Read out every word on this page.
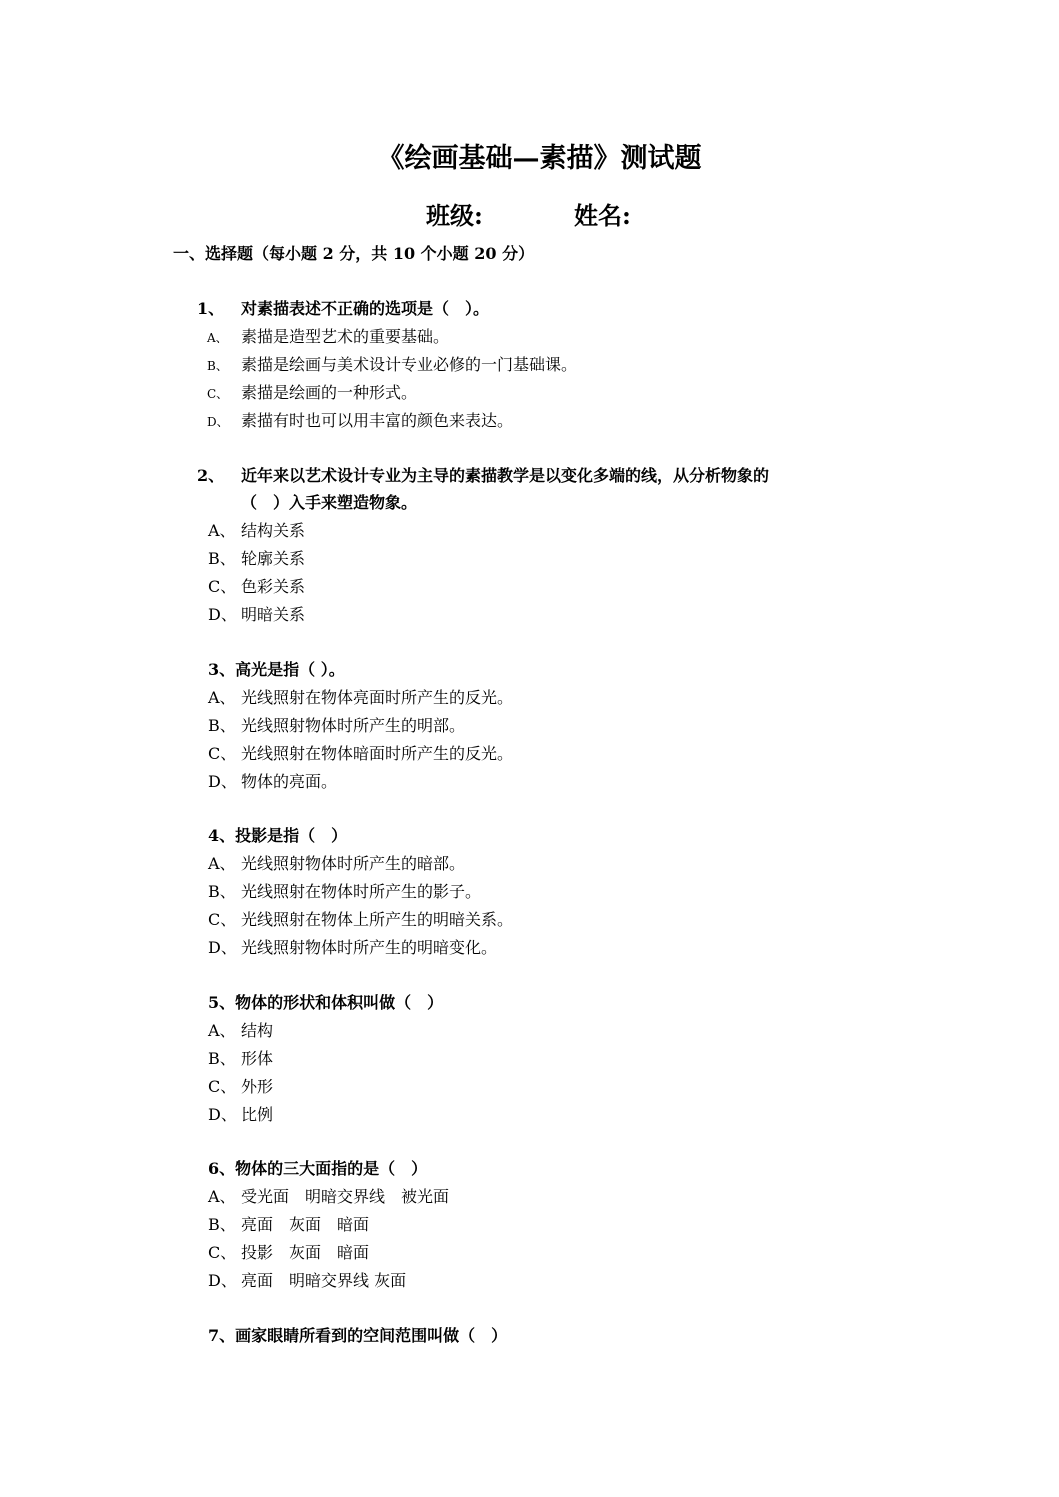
《绘画基础—素描》测试题
班级:	姓名:
一、选择题（每小题 2 分，共 10 个小题 20 分）
1、 对素描表述不正确的选项是（　）。
A、 素描是造型艺术的重要基础。
B、 素描是绘画与美术设计专业必修的一门基础课。
C、 素描是绘画的一种形式。
D、 素描有时也可以用丰富的颜色来表达。
2、 近年来以艺术设计专业为主导的素描教学是以变化多端的线，从分析物象的
（　）入手来塑造物象。
A、 结构关系
B、 轮廓关系
C、 色彩关系
D、 明暗关系
3、高光是指（ ）。
A、 光线照射在物体亮面时所产生的反光。
B、 光线照射物体时所产生的明部。
C、 光线照射在物体暗面时所产生的反光。
D、 物体的亮面。
4、投影是指（　）
A、 光线照射物体时所产生的暗部。
B、 光线照射在物体时所产生的影子。
C、 光线照射在物体上所产生的明暗关系。
D、 光线照射物体时所产生的明暗变化。
5、物体的形状和体积叫做（　）
A、 结构
B、 形体
C、 外形
D、 比例
6、物体的三大面指的是（　）
A、 受光面　明暗交界线　被光面
B、 亮面　灰面　暗面
C、 投影　灰面　暗面
D、 亮面　明暗交界线 灰面
7、画家眼睛所看到的空间范围叫做（　）
